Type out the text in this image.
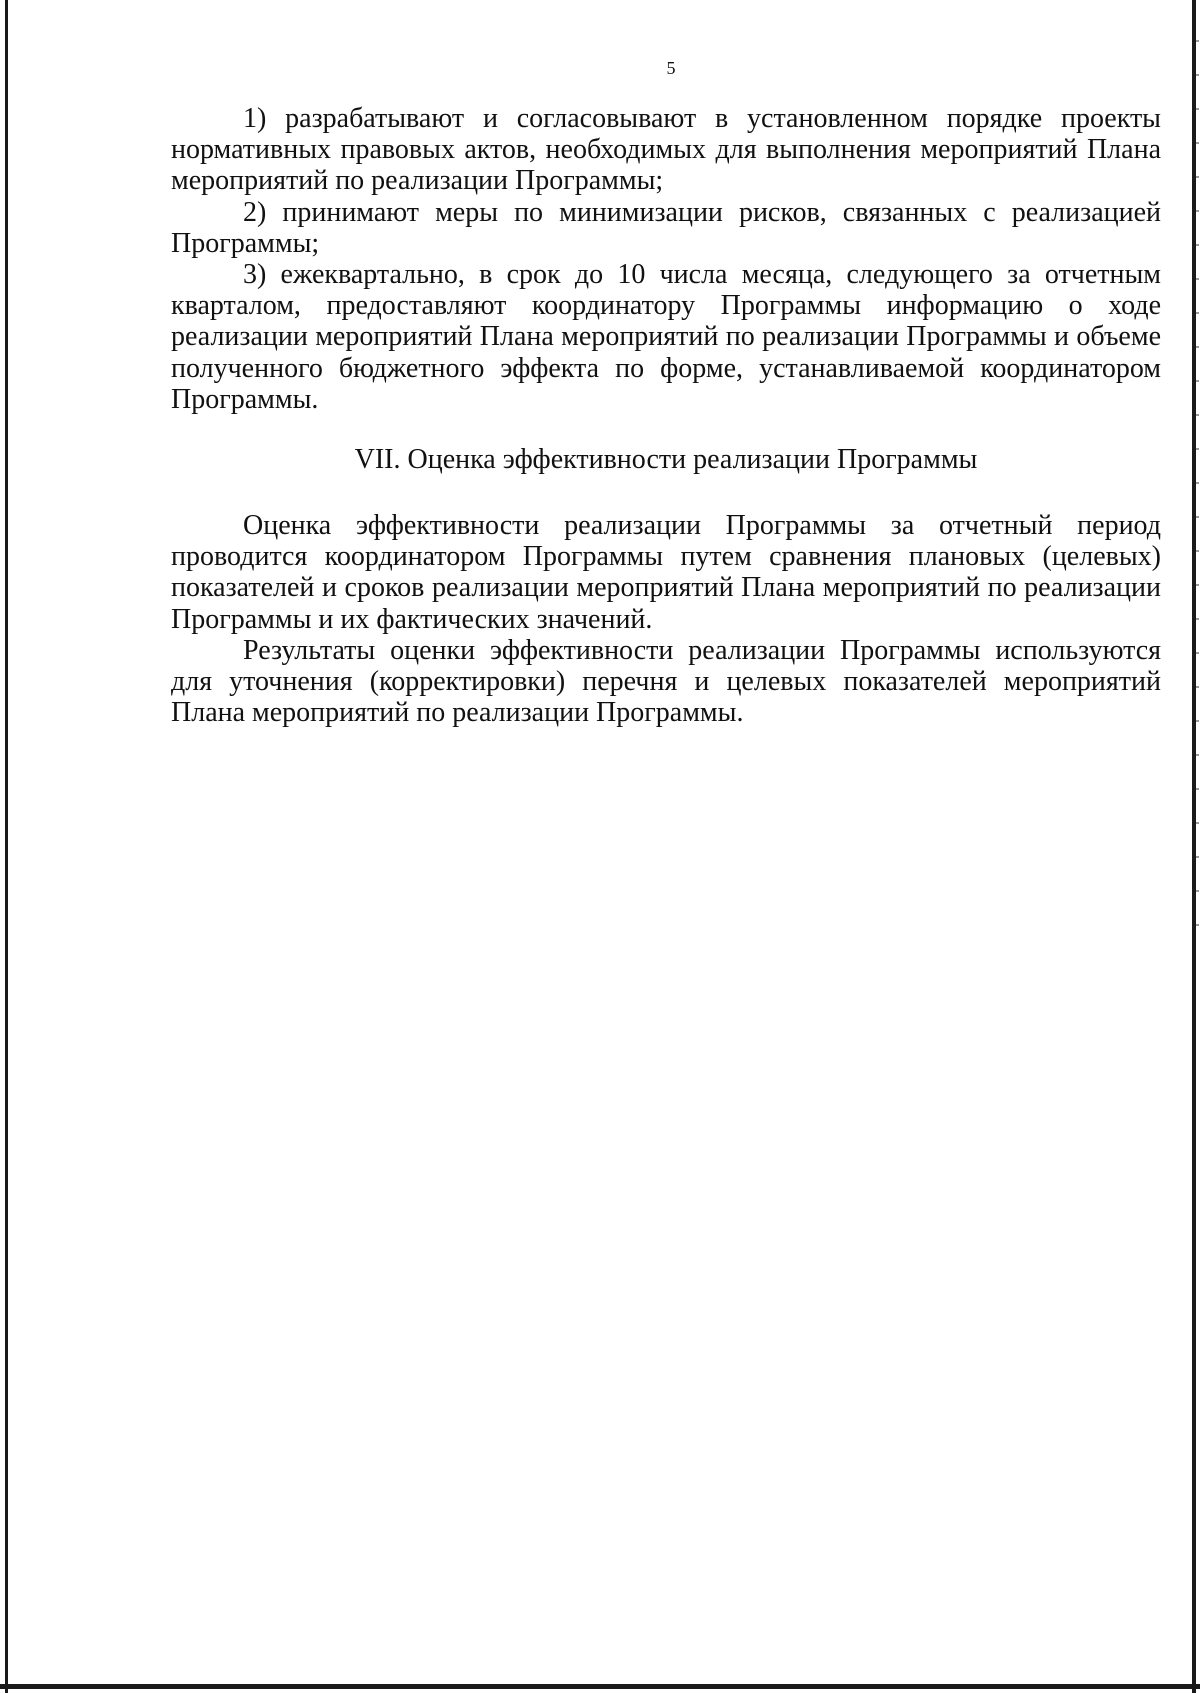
5

1) разрабатывают и согласовывают в установленном порядке проекты нормативных правовых актов, необходимых для выполнения мероприятий Плана мероприятий по реализации Программы;

2) принимают меры по минимизации рисков, связанных с реализацией Программы;

3) ежеквартально, в срок до 10 числа месяца, следующего за отчетным кварталом, предоставляют координатору Программы информацию о ходе реализации мероприятий Плана мероприятий по реализации Программы и объеме полученного бюджетного эффекта по форме, устанавливаемой координатором Программы.

VII. Оценка эффективности реализации Программы

Оценка эффективности реализации Программы за отчетный период проводится координатором Программы путем сравнения плановых (целевых) показателей и сроков реализации мероприятий Плана мероприятий по реализации Программы и их фактических значений.

Результаты оценки эффективности реализации Программы используются для уточнения (корректировки) перечня и целевых показателей мероприятий Плана мероприятий по реализации Программы.
